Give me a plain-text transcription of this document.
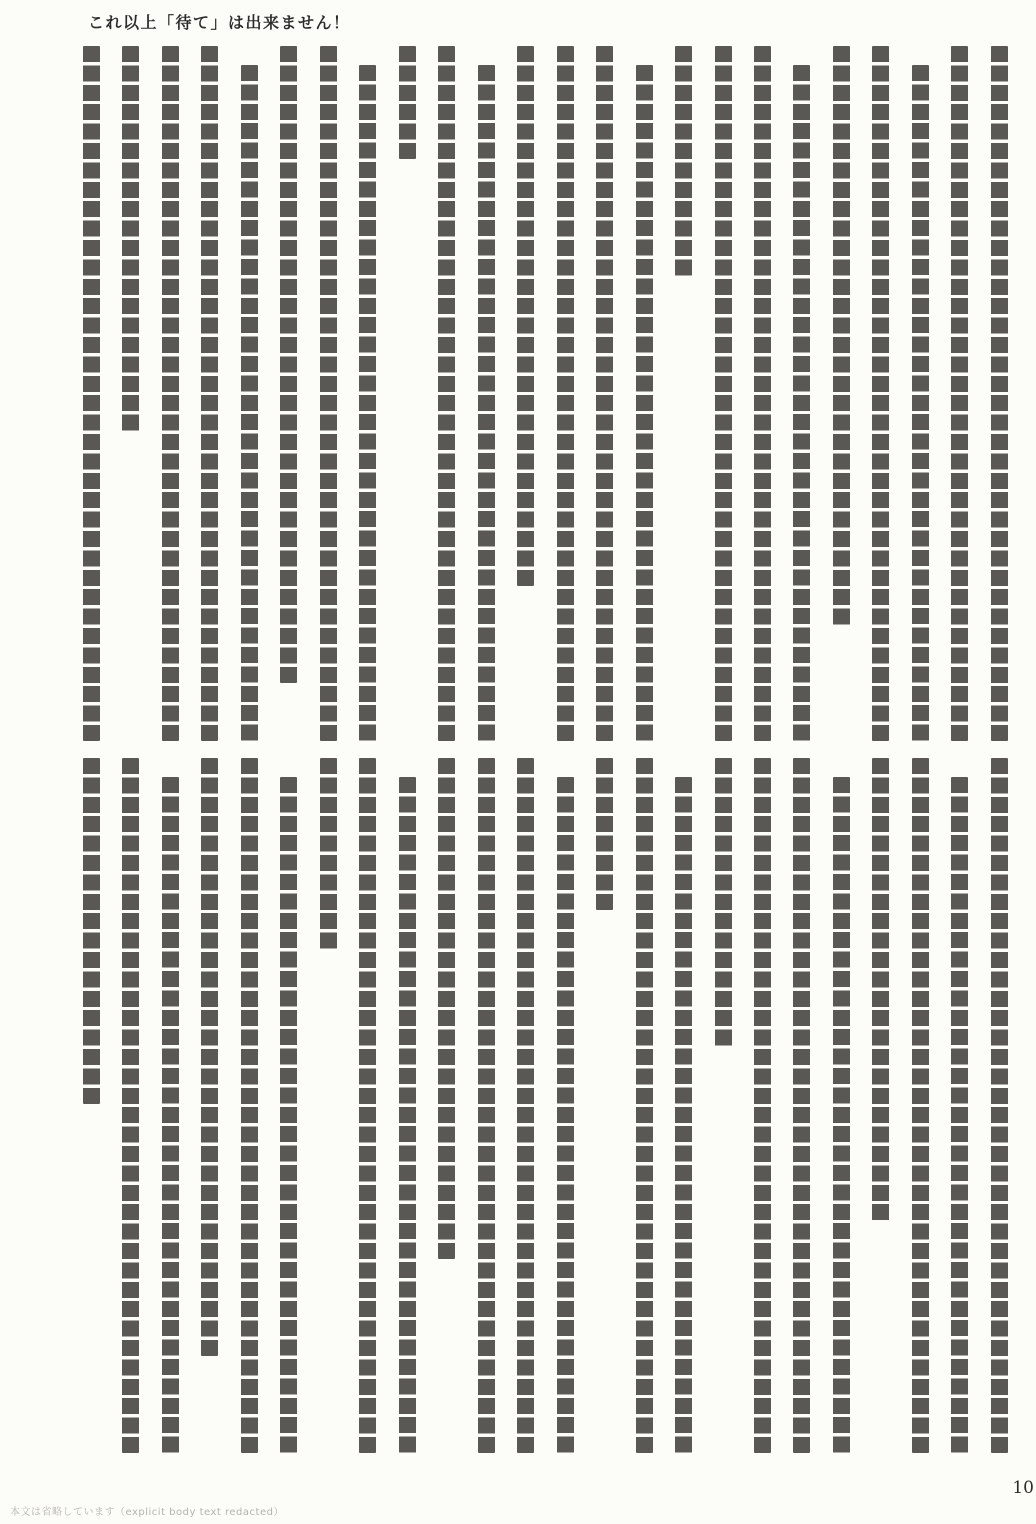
これ以上「待て」は出来ません！
10
本文は省略しています（explicit body text redacted）
